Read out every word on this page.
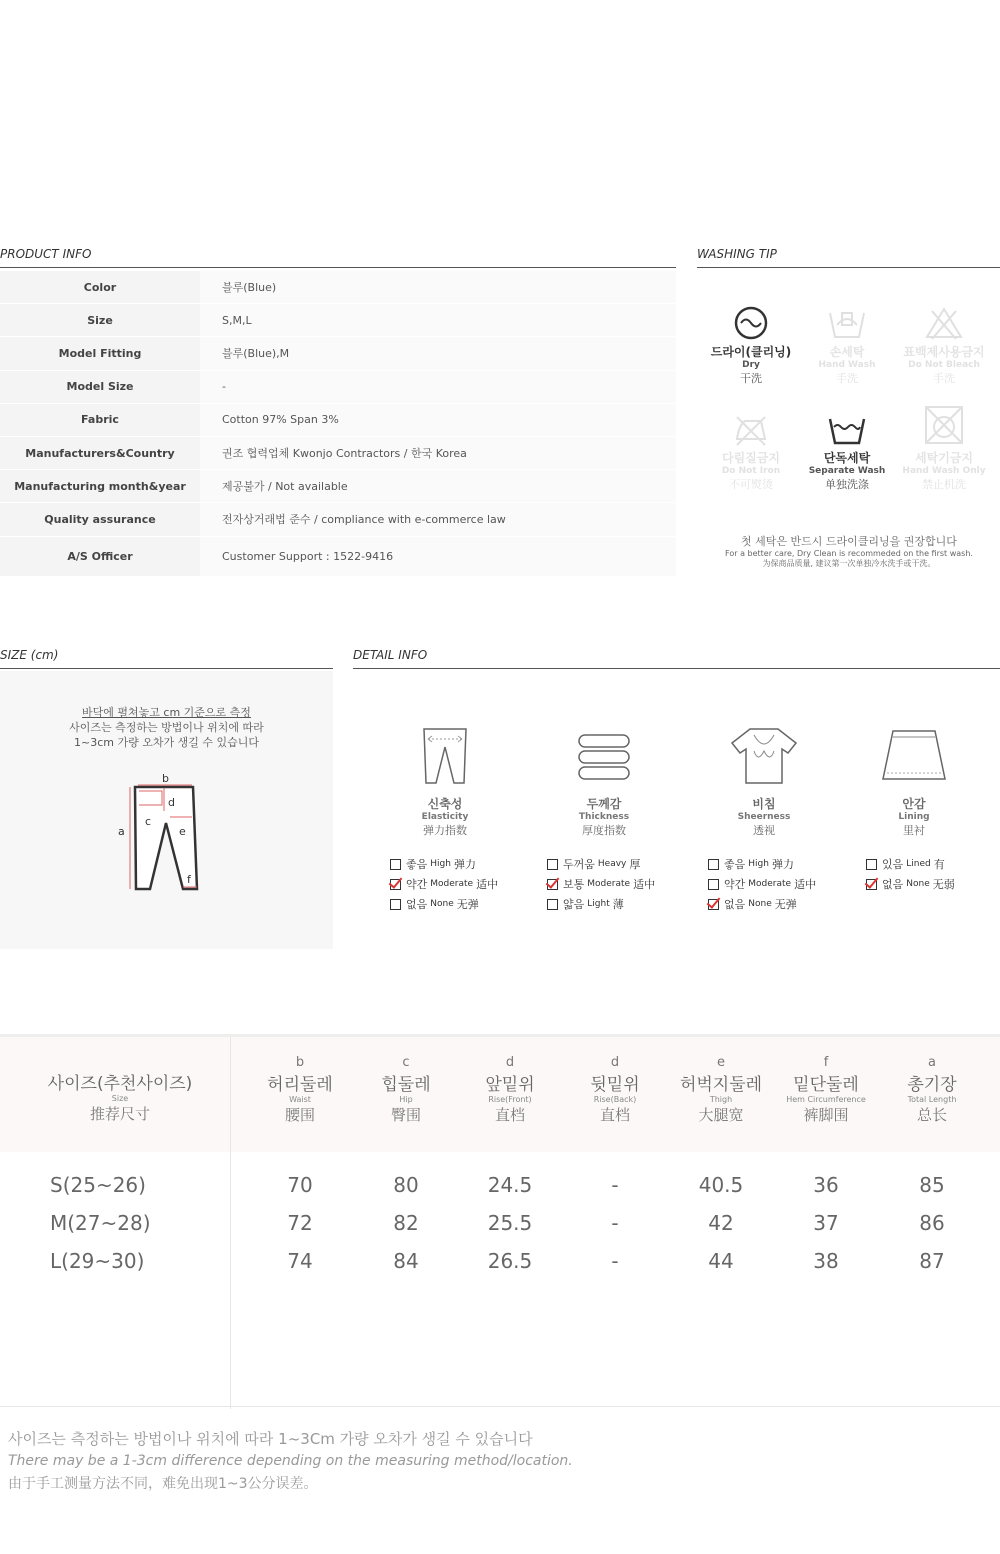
PRODUCT INFO
Color	블루(Blue)
Size	S,M,L
Model Fitting	블루(Blue),M
Model Size	-
Fabric	Cotton 97% Span 3%
Manufacturers&Country	권조 협력업체 Kwonjo Contractors / 한국 Korea
Manufacturing month&year	제공불가 / Not available
Quality assurance	전자상거래법 준수 / compliance with e-commerce law
A/S Officer	Customer Support : 1522-9416
WASHING TIP
드라이(클리닝)
Dry
干洗
손세탁
Hand Wash
手洗
표백제사용금지
Do Not Bleach
手洗
다림질금지
Do Not Iron
不可熨烫
단독세탁
Separate Wash
单独洗涤
세탁기금지
Hand Wash Only
禁止机洗
첫 세탁은 반드시 드라이클리닝을 권장합니다
For a better care, Dry Clean is recommeded on the first wash.
为保商品质量, 建议第一次单独冷水洗手或干洗。
SIZE (cm)
바닥에 펼쳐놓고 cm 기준으로 측정
사이즈는 측정하는 방법이나 위치에 따라
1~3cm 가량 오차가 생길 수 있습니다
a
b
c
d
e
f
DETAIL INFO
신축성
Elasticity
弹力指数
두께감
Thickness
厚度指数
비침
Sheerness
透视
안감
Lining
里衬
좋음 High 弹力
약간 Moderate 适中
없음 None 无弹
두꺼움 Heavy 厚
보통 Moderate 适中
얇음 Light 薄
좋음 High 弹力
약간 Moderate 适中
없음 None 无弹
있음 Lined 有
없음 None 无弱
사이즈(추천사이즈)
Size
推荐尺寸
b
허리둘레
Waist
腰围
c
힙둘레
Hip
臀围
d
앞밑위
Rise(Front)
直档
d
뒷밑위
Rise(Back)
直档
e
허벅지둘레
Thigh
大腿宽
f
밑단둘레
Hem Circumference
裤脚围
a
총기장
Total Length
总长
S(25~26)	70	80	24.5	-	40.5	36	85
M(27~28)	72	82	25.5	-	42	37	86
L(29~30)	74	84	26.5	-	44	38	87
사이즈는 측정하는 방법이나 위치에 따라 1~3Cm 가량 오차가 생길 수 있습니다
There may be a 1-3cm difference depending on the measuring method/location.
由于手工测量方法不同，难免出现1~3公分误差。
